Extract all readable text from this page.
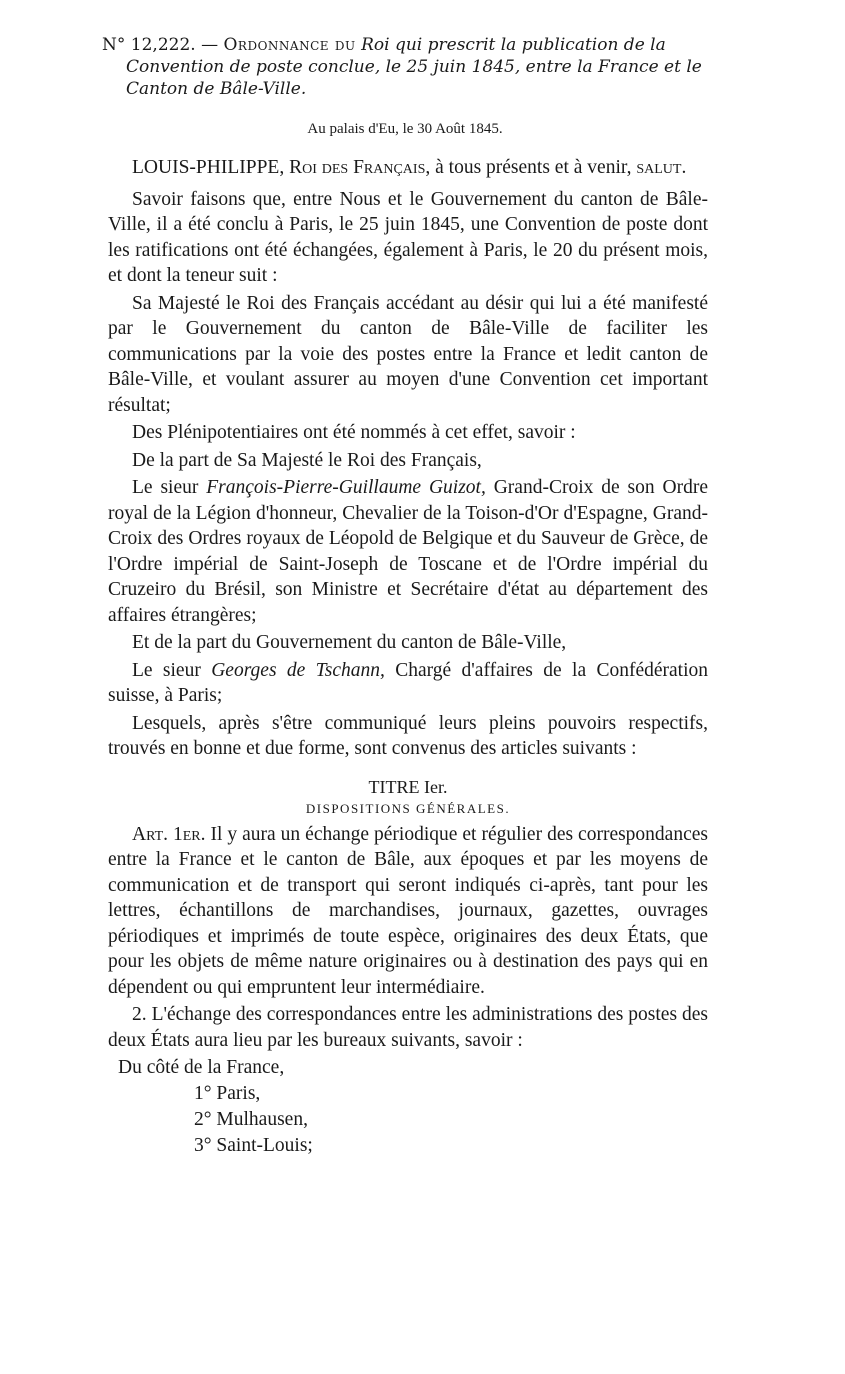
N° 12,222. — Ordonnance du Roi qui prescrit la publication de la Convention de poste conclue, le 25 juin 1845, entre la France et le Canton de Bâle-Ville.
Au palais d'Eu, le 30 Août 1845.

LOUIS-PHILIPPE, Roi des Français, à tous présents et à venir, salut.

Savoir faisons que, entre Nous et le Gouvernement du canton de Bâle-Ville, il a été conclu à Paris, le 25 juin 1845, une Convention de poste dont les ratifications ont été échangées, également à Paris, le 20 du présent mois, et dont la teneur suit :

Sa Majesté le Roi des Français accédant au désir qui lui a été manifesté par le Gouvernement du canton de Bâle-Ville de faciliter les communications par la voie des postes entre la France et ledit canton de Bâle-Ville, et voulant assurer au moyen d'une Convention cet important résultat;

Des Plénipotentiaires ont été nommés à cet effet, savoir :

De la part de Sa Majesté le Roi des Français,

Le sieur François-Pierre-Guillaume Guizot, Grand-Croix de son Ordre royal de la Légion d'honneur, Chevalier de la Toison-d'Or d'Espagne, Grand-Croix des Ordres royaux de Léopold de Belgique et du Sauveur de Grèce, de l'Ordre impérial de Saint-Joseph de Toscane et de l'Ordre impérial du Cruzeiro du Brésil, son Ministre et Secrétaire d'état au département des affaires étrangères;

Et de la part du Gouvernement du canton de Bâle-Ville,

Le sieur Georges de Tschann, Chargé d'affaires de la Confédération suisse, à Paris;

Lesquels, après s'être communiqué leurs pleins pouvoirs respectifs, trouvés en bonne et due forme, sont convenus des articles suivants :

TITRE Ier.

DISPOSITIONS GÉNÉRALES.

Art. 1er. Il y aura un échange périodique et régulier des correspondances entre la France et le canton de Bâle, aux époques et par les moyens de communication et de transport qui seront indiqués ci-après, tant pour les lettres, échantillons de marchandises, journaux, gazettes, ouvrages périodiques et imprimés de toute espèce, originaires des deux États, que pour les objets de même nature originaires ou à destination des pays qui en dépendent ou qui empruntent leur intermédiaire.

2. L'échange des correspondances entre les administrations des postes des deux États aura lieu par les bureaux suivants, savoir :

Du côté de la France,
1° Paris,
2° Mulhausen,
3° Saint-Louis;
